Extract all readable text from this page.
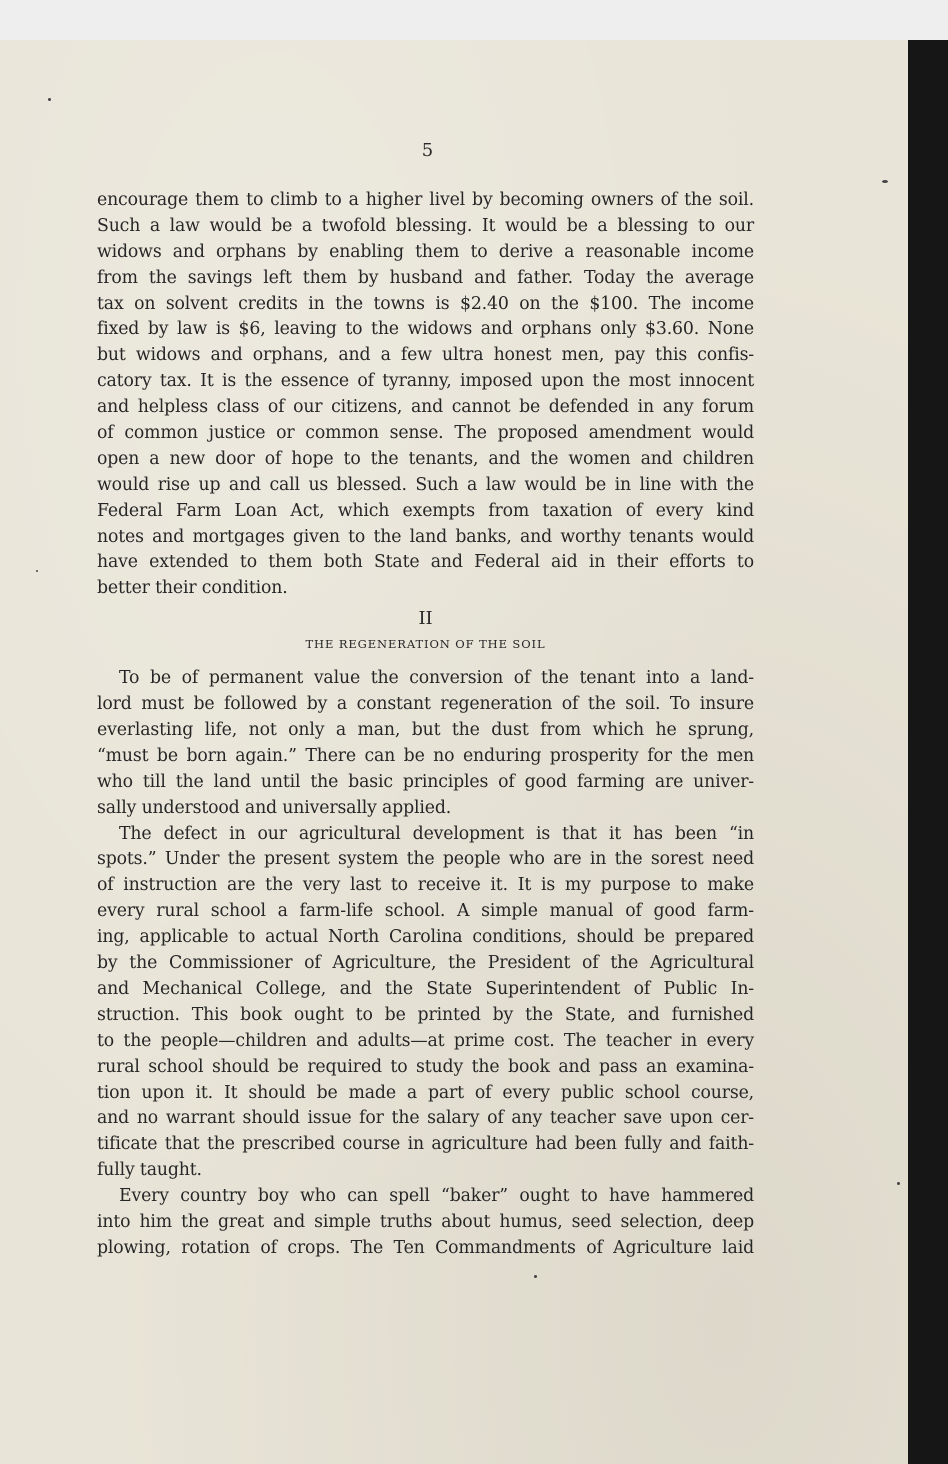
5
encourage them to climb to a higher livel by becoming owners of the soil.
Such a law would be a twofold blessing. It would be a blessing to our
widows and orphans by enabling them to derive a reasonable income
from the savings left them by husband and father. Today the average
tax on solvent credits in the towns is $2.40 on the $100. The income
fixed by law is $6, leaving to the widows and orphans only $3.60. None
but widows and orphans, and a few ultra honest men, pay this confis-
catory tax. It is the essence of tyranny, imposed upon the most innocent
and helpless class of our citizens, and cannot be defended in any forum
of common justice or common sense. The proposed amendment would
open a new door of hope to the tenants, and the women and children
would rise up and call us blessed. Such a law would be in line with the
Federal Farm Loan Act, which exempts from taxation of every kind
notes and mortgages given to the land banks, and worthy tenants would
have extended to them both State and Federal aid in their efforts to
better their condition.
II
THE REGENERATION OF THE SOIL
To be of permanent value the conversion of the tenant into a land-
lord must be followed by a constant regeneration of the soil. To insure
everlasting life, not only a man, but the dust from which he sprung,
“must be born again.” There can be no enduring prosperity for the men
who till the land until the basic principles of good farming are univer-
sally understood and universally applied.
The defect in our agricultural development is that it has been “in
spots.” Under the present system the people who are in the sorest need
of instruction are the very last to receive it. It is my purpose to make
every rural school a farm-life school. A simple manual of good farm-
ing, applicable to actual North Carolina conditions, should be prepared
by the Commissioner of Agriculture, the President of the Agricultural
and Mechanical College, and the State Superintendent of Public In-
struction. This book ought to be printed by the State, and furnished
to the people—children and adults—at prime cost. The teacher in every
rural school should be required to study the book and pass an examina-
tion upon it. It should be made a part of every public school course,
and no warrant should issue for the salary of any teacher save upon cer-
tificate that the prescribed course in agriculture had been fully and faith-
fully taught.
Every country boy who can spell “baker” ought to have hammered
into him the great and simple truths about humus, seed selection, deep
plowing, rotation of crops. The Ten Commandments of Agriculture laid
